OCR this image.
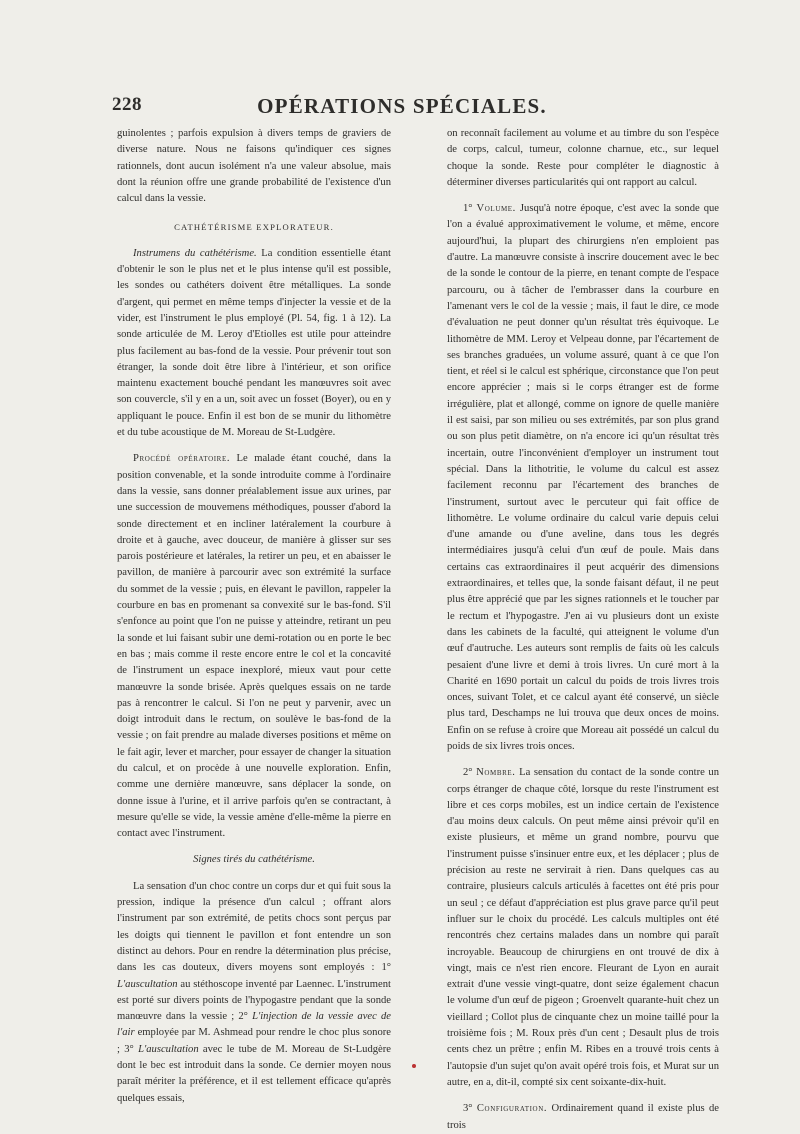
228	OPÉRATIONS SPÉCIALES.

guinolentes ; parfois expulsion à divers temps de graviers de diverse nature. Nous ne faisons qu'indiquer ces signes rationnels, dont aucun isolément n'a une valeur absolue, mais dont la réunion offre une grande probabilité de l'existence d'un calcul dans la vessie.

CATHÉTÉRISME EXPLORATEUR.

Instrumens du cathétérisme. La condition essentielle étant d'obtenir le son le plus net et le plus intense qu'il est possible, les sondes ou cathéters doivent être métalliques. La sonde d'argent, qui permet en même temps d'injecter la vessie et de la vider, est l'instrument le plus employé (Pl. 54, fig. 1 à 12). La sonde articulée de M. Leroy d'Etiolles est utile pour atteindre plus facilement au bas-fond de la vessie. Pour prévenir tout son étranger, la sonde doit être libre à l'intérieur, et son orifice maintenu exactement bouché pendant les manœuvres soit avec son couvercle, s'il y en a un, soit avec un fosset (Boyer), ou en y appliquant le pouce. Enfin il est bon de se munir du lithomètre et du tube acoustique de M. Moreau de St-Ludgère.

Procédé opératoire. Le malade étant couché, dans la position convenable, et la sonde introduite comme à l'ordinaire dans la vessie, sans donner préalablement issue aux urines, par une succession de mouvemens méthodiques, pousser d'abord la sonde directement et en incliner latéralement la courbure à droite et à gauche, avec douceur, de manière à glisser sur ses parois postérieure et latérales, la retirer un peu, et en abaisser le pavillon, de manière à parcourir avec son extrémité la surface du sommet de la vessie ; puis, en élevant le pavillon, rappeler la courbure en bas en promenant sa convexité sur le bas-fond. S'il s'enfonce au point que l'on ne puisse y atteindre, retirant un peu la sonde et lui faisant subir une demi-rotation ou en porte le bec en bas ; mais comme il reste encore entre le col et la concavité de l'instrument un espace inexploré, mieux vaut pour cette manœuvre la sonde brisée. Après quelques essais on ne tarde pas à rencontrer le calcul. Si l'on ne peut y parvenir, avec un doigt introduit dans le rectum, on soulève le bas-fond de la vessie ; on fait prendre au malade diverses positions et même on le fait agir, lever et marcher, pour essayer de changer la situation du calcul, et on procède à une nouvelle exploration. Enfin, comme une dernière manœuvre, sans déplacer la sonde, on donne issue à l'urine, et il arrive parfois qu'en se contractant, à mesure qu'elle se vide, la vessie amène d'elle-même la pierre en contact avec l'instrument.

Signes tirés du cathétérisme.

La sensation d'un choc contre un corps dur et qui fuit sous la pression, indique la présence d'un calcul ; offrant alors l'instrument par son extrémité, de petits chocs sont perçus par les doigts qui tiennent le pavillon et font entendre un son distinct au dehors. Pour en rendre la détermination plus précise, dans les cas douteux, divers moyens sont employés : 1° L'auscultation au stéthoscope inventé par Laennec. L'instrument est porté sur divers points de l'hypogastre pendant que la sonde manœuvre dans la vessie ; 2° L'injection de la vessie avec de l'air employée par M. Ashmead pour rendre le choc plus sonore ; 3° L'auscultation avec le tube de M. Moreau de St-Ludgère dont le bec est introduit dans la sonde. Ce dernier moyen nous paraît mériter la préférence, et il est tellement efficace qu'après quelques essais,

on reconnaît facilement au volume et au timbre du son l'espèce de corps, calcul, tumeur, colonne charnue, etc., sur lequel choque la sonde. Reste pour compléter le diagnostic à déterminer diverses particularités qui ont rapport au calcul.

1° Volume. Jusqu'à notre époque, c'est avec la sonde que l'on a évalué approximativement le volume, et même, encore aujourd'hui, la plupart des chirurgiens n'en emploient pas d'autre. La manœuvre consiste à inscrire doucement avec le bec de la sonde le contour de la pierre, en tenant compte de l'espace parcouru, ou à tâcher de l'embrasser dans la courbure en l'amenant vers le col de la vessie ; mais, il faut le dire, ce mode d'évaluation ne peut donner qu'un résultat très équivoque. Le lithomètre de MM. Leroy et Velpeau donne, par l'écartement de ses branches graduées, un volume assuré, quant à ce que l'on tient, et réel si le calcul est sphérique, circonstance que l'on peut encore apprécier ; mais si le corps étranger est de forme irrégulière, plat et allongé, comme on ignore de quelle manière il est saisi, par son milieu ou ses extrémités, par son plus grand ou son plus petit diamètre, on n'a encore ici qu'un résultat très incertain, outre l'inconvénient d'employer un instrument tout spécial. Dans la lithotritie, le volume du calcul est assez facilement reconnu par l'écartement des branches de l'instrument, surtout avec le percuteur qui fait office de lithomètre. Le volume ordinaire du calcul varie depuis celui d'une amande ou d'une aveline, dans tous les degrés intermédiaires jusqu'à celui d'un œuf de poule. Mais dans certains cas extraordinaires il peut acquérir des dimensions extraordinaires, et telles que, la sonde faisant défaut, il ne peut plus être apprécié que par les signes rationnels et le toucher par le rectum et l'hypogastre. J'en ai vu plusieurs dont un existe dans les cabinets de la faculté, qui atteignent le volume d'un œuf d'autruche. Les auteurs sont remplis de faits où les calculs pesaient d'une livre et demi à trois livres. Un curé mort à la Charité en 1690 portait un calcul du poids de trois livres trois onces, suivant Tolet, et ce calcul ayant été conservé, un siècle plus tard, Deschamps ne lui trouva que deux onces de moins. Enfin on se refuse à croire que Moreau ait possédé un calcul du poids de six livres trois onces.

2° Nombre. La sensation du contact de la sonde contre un corps étranger de chaque côté, lorsque du reste l'instrument est libre et ces corps mobiles, est un indice certain de l'existence d'au moins deux calculs. On peut même ainsi prévoir qu'il en existe plusieurs, et même un grand nombre, pourvu que l'instrument puisse s'insinuer entre eux, et les déplacer ; plus de précision au reste ne servirait à rien. Dans quelques cas au contraire, plusieurs calculs articulés à facettes ont été pris pour un seul ; ce défaut d'appréciation est plus grave parce qu'il peut influer sur le choix du procédé. Les calculs multiples ont été rencontrés chez certains malades dans un nombre qui paraît incroyable. Beaucoup de chirurgiens en ont trouvé de dix à vingt, mais ce n'est rien encore. Fleurant de Lyon en aurait extrait d'une vessie vingt-quatre, dont seize également chacun le volume d'un œuf de pigeon ; Groenvelt quarante-huit chez un vieillard ; Collot plus de cinquante chez un moine taillé pour la troisième fois ; M. Roux près d'un cent ; Desault plus de trois cents chez un prêtre ; enfin M. Ribes en a trouvé trois cents à l'autopsie d'un sujet qu'on avait opéré trois fois, et Murat sur un autre, en a, dit-il, compté six cent soixante-dix-huit.

3° Configuration. Ordinairement quand il existe plus de trois
